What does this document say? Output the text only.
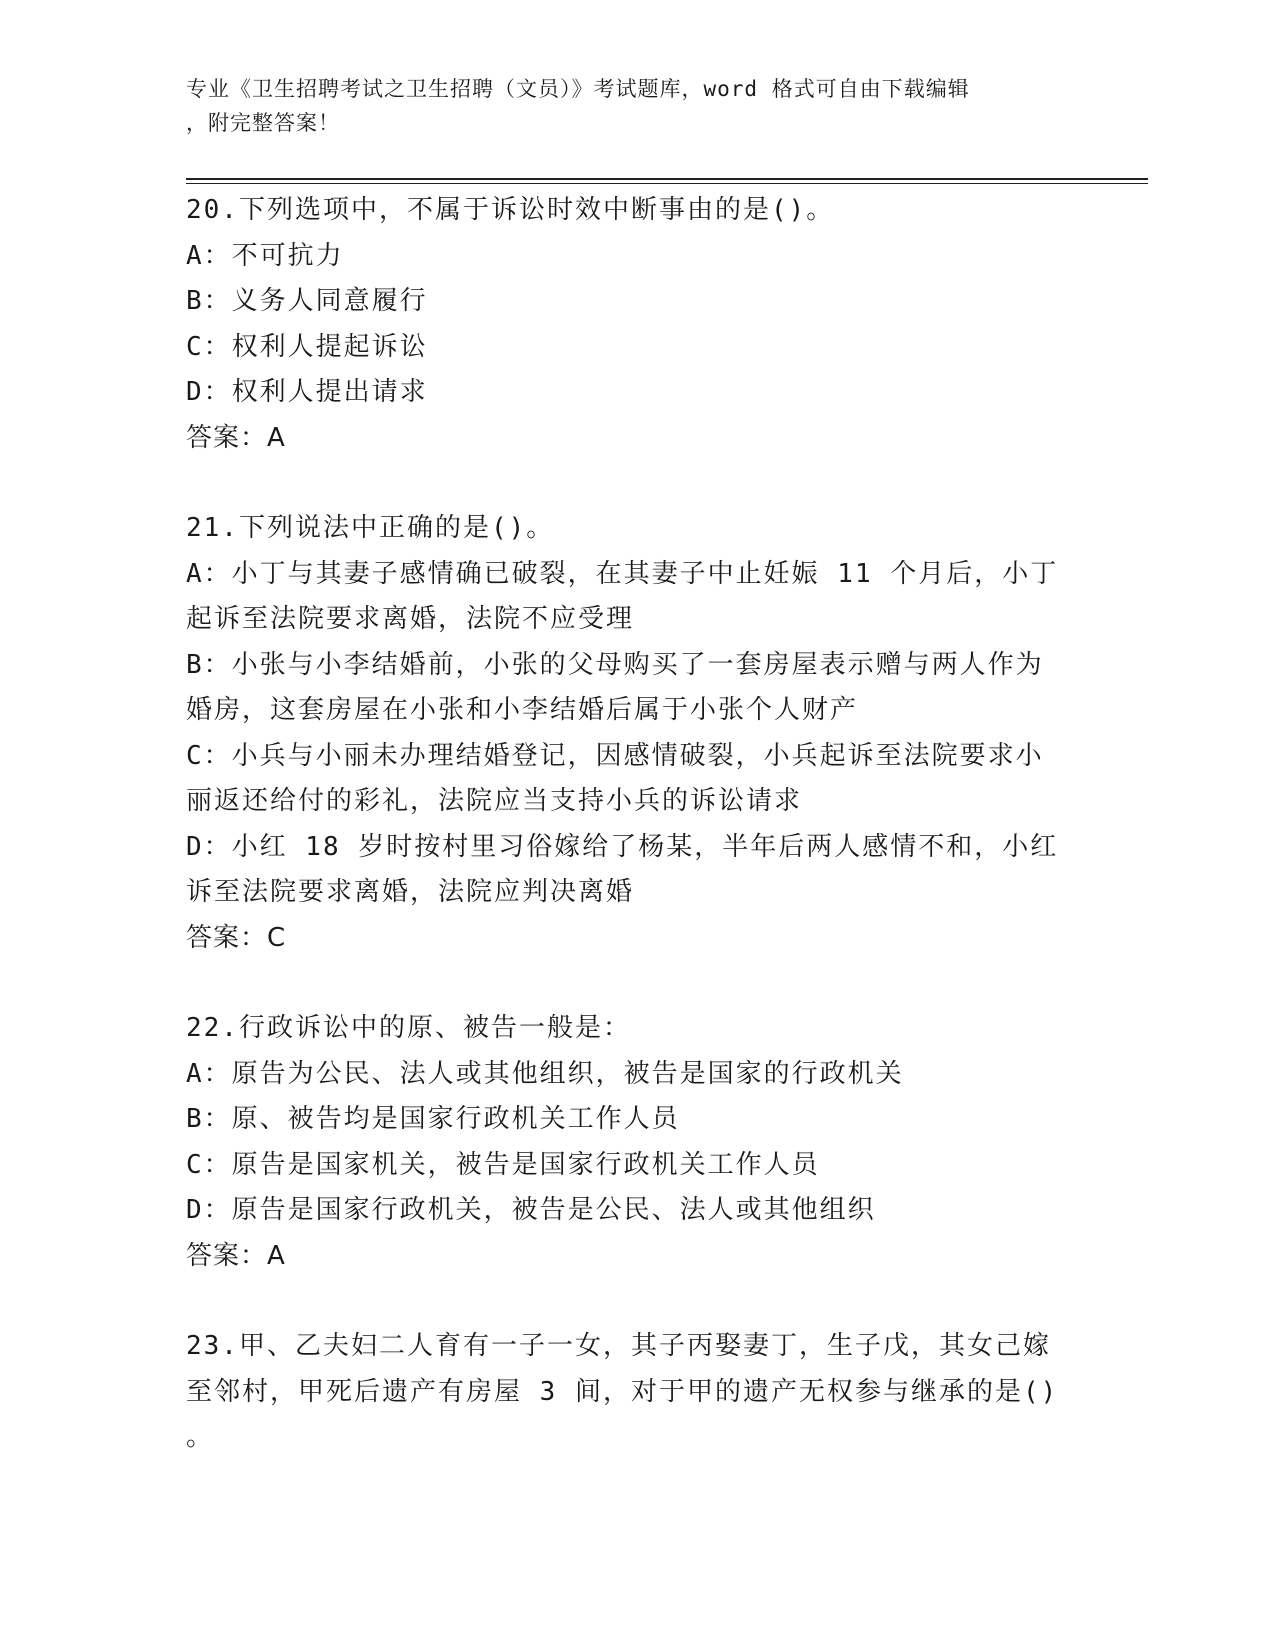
专业《卫生招聘考试之卫生招聘（文员）》考试题库，word 格式可自由下载编辑
，附完整答案！
20.下列选项中，不属于诉讼时效中断事由的是()。
A：不可抗力
B：义务人同意履行
C：权利人提起诉讼
D：权利人提出请求
答案：A
21.下列说法中正确的是()。
A：小丁与其妻子感情确已破裂，在其妻子中止妊娠 11 个月后，小丁
起诉至法院要求离婚，法院不应受理
B：小张与小李结婚前，小张的父母购买了一套房屋表示赠与两人作为
婚房，这套房屋在小张和小李结婚后属于小张个人财产
C：小兵与小丽未办理结婚登记，因感情破裂，小兵起诉至法院要求小
丽返还给付的彩礼，法院应当支持小兵的诉讼请求
D：小红 18 岁时按村里习俗嫁给了杨某，半年后两人感情不和，小红
诉至法院要求离婚，法院应判决离婚
答案：C
22.行政诉讼中的原、被告一般是：
A：原告为公民、法人或其他组织，被告是国家的行政机关
B：原、被告均是国家行政机关工作人员
C：原告是国家机关，被告是国家行政机关工作人员
D：原告是国家行政机关，被告是公民、法人或其他组织
答案：A
23.甲、乙夫妇二人育有一子一女，其子丙娶妻丁，生子戊，其女己嫁
至邻村，甲死后遗产有房屋 3 间，对于甲的遗产无权参与继承的是()
。
